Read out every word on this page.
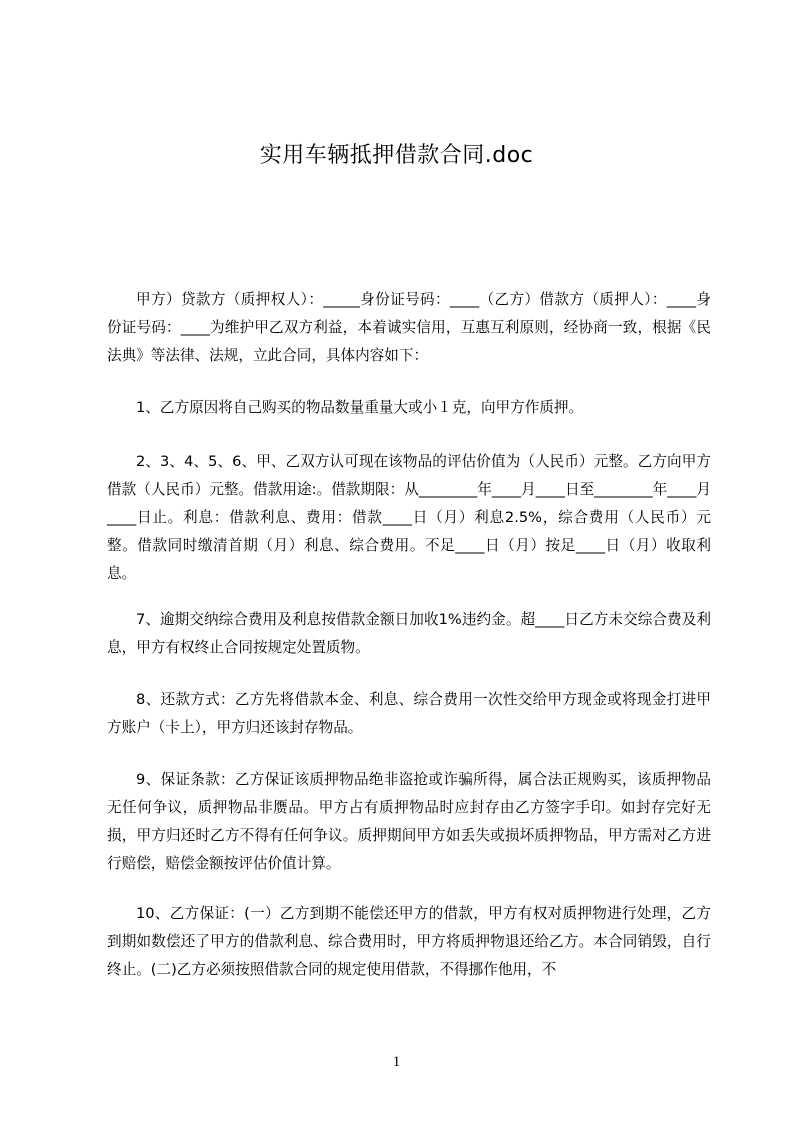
实用车辆抵押借款合同.doc

甲方）贷款方（质押权人）：_____身份证号码：____（乙方）借款方（质押人）：____身份证号码：____为维护甲乙双方利益，本着诚实信用，互惠互利原则，经协商一致，根据《民法典》等法律、法规，立此合同，具体内容如下：

1、乙方原因将自己购买的物品数量重量大或小１克，向甲方作质押。

2、3、4、5、6、甲、乙双方认可现在该物品的评估价值为（人民币）元整。乙方向甲方借款（人民币）元整。借款用途:。借款期限：从________年____月____日至________年____月____日止。利息：借款利息、费用：借款____日（月）利息2.5%，综合费用（人民币）元整。借款同时缴清首期（月）利息、综合费用。不足____日（月）按足____日（月）收取利息。

7、逾期交纳综合费用及利息按借款金额日加收1%违约金。超____日乙方未交综合费及利息，甲方有权终止合同按规定处置质物。

8、还款方式：乙方先将借款本金、利息、综合费用一次性交给甲方现金或将现金打进甲方账户（卡上），甲方归还该封存物品。

9、保证条款：乙方保证该质押物品绝非盗抢或诈骗所得，属合法正规购买，该质押物品无任何争议，质押物品非赝品。甲方占有质押物品时应封存由乙方签字手印。如封存完好无损，甲方归还时乙方不得有任何争议。质押期间甲方如丢失或损坏质押物品，甲方需对乙方进行赔偿，赔偿金额按评估价值计算。

10、乙方保证：(一）乙方到期不能偿还甲方的借款，甲方有权对质押物进行处理，乙方到期如数偿还了甲方的借款利息、综合费用时，甲方将质押物退还给乙方。本合同销毁，自行终止。(二)乙方必须按照借款合同的规定使用借款，不得挪作他用，不

1
